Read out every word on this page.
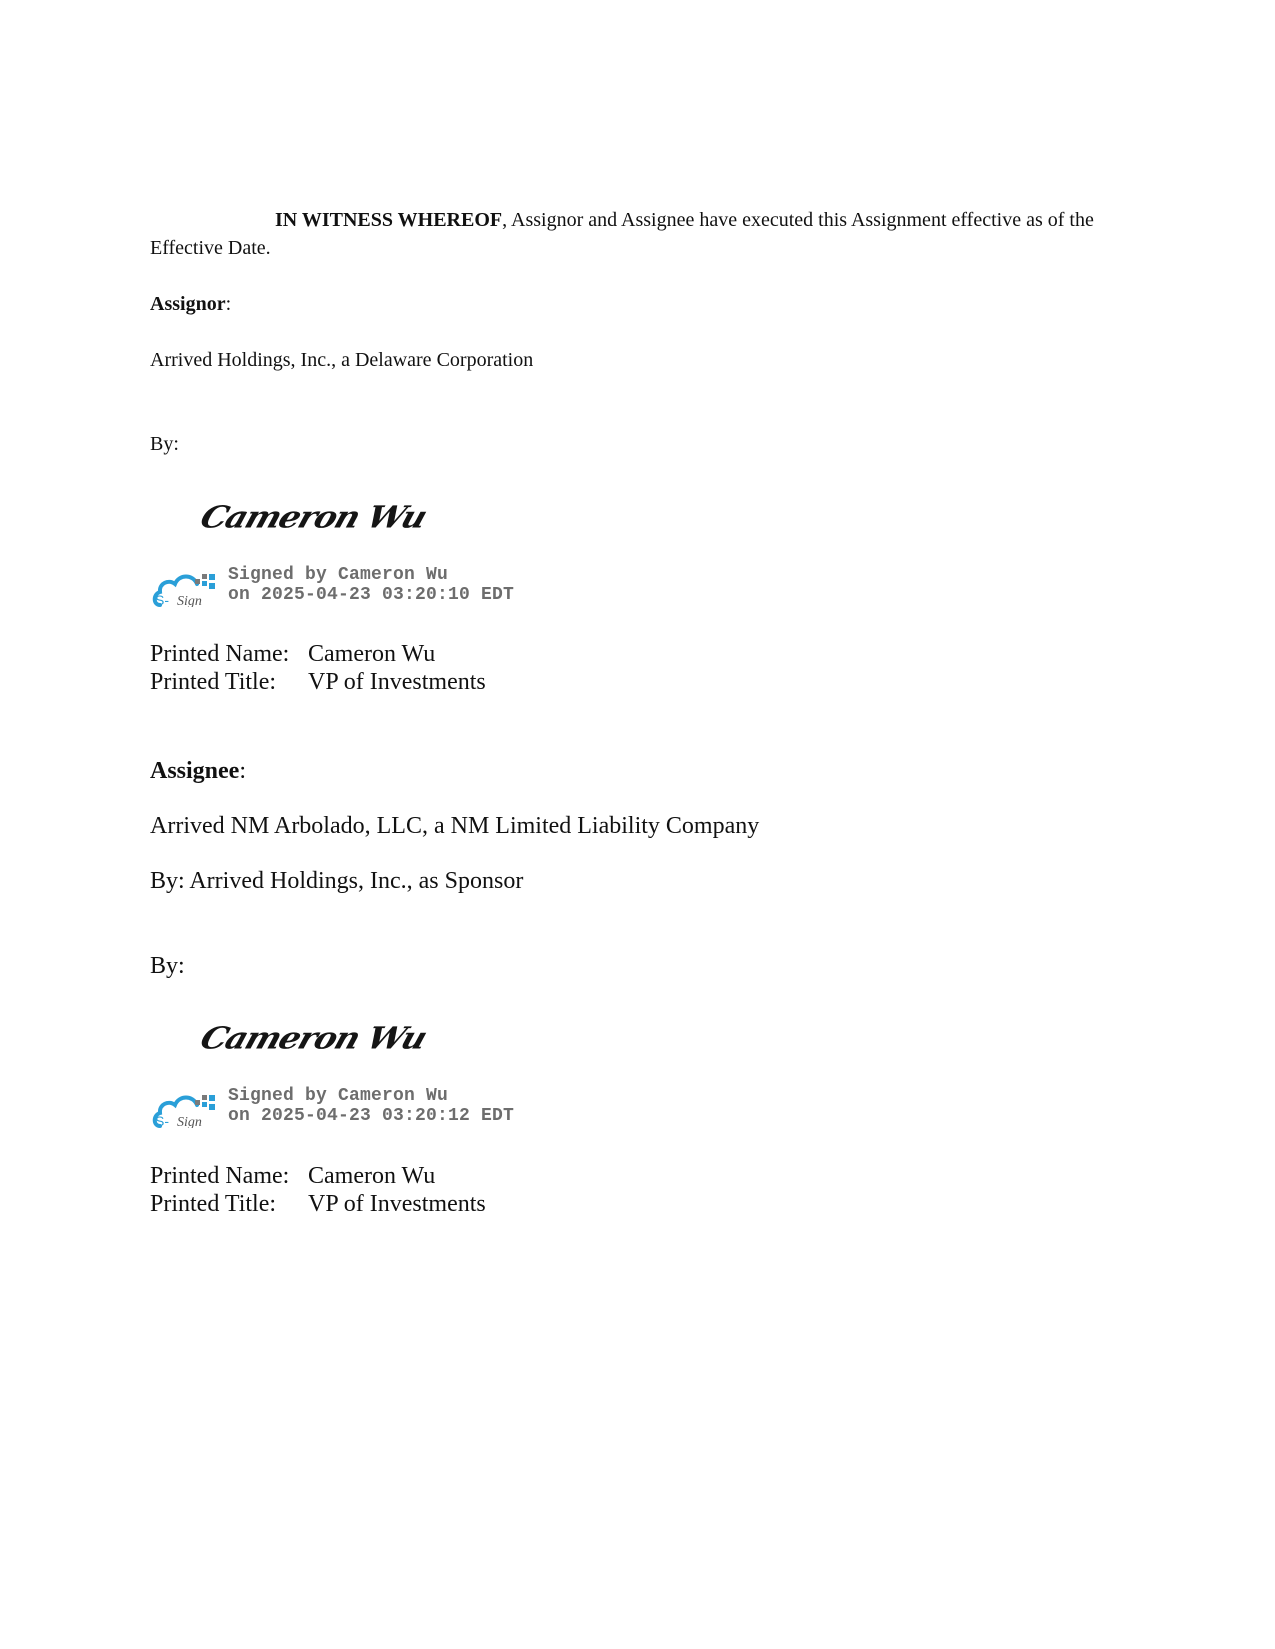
IN WITNESS WHEREOF, Assignor and Assignee have executed this Assignment effective as of the Effective Date.
Assignor:
Arrived Holdings, Inc., a Delaware Corporation
By:
Cameron Wu
S- Sign
Signed by Cameron Wu
on 2025-04-23 03:20:10 EDT
Printed Name: Cameron Wu
Printed Title:	VP of Investments
Assignee:
Arrived NM Arbolado, LLC, a NM Limited Liability Company
By: Arrived Holdings, Inc., as Sponsor
By:
Cameron Wu
S- Sign
Signed by Cameron Wu
on 2025-04-23 03:20:12 EDT
Printed Name: Cameron Wu
Printed Title:	VP of Investments
